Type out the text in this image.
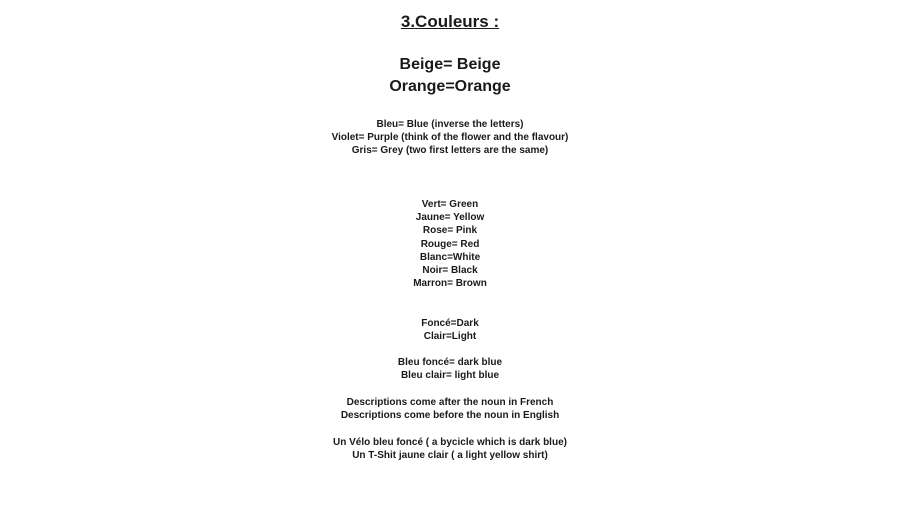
3.Couleurs :
Beige= Beige
Orange=Orange
Bleu= Blue (inverse the letters)
Violet= Purple (think of the flower and the flavour)
Gris= Grey (two first letters are the same)
Vert= Green
Jaune= Yellow
Rose= Pink
Rouge= Red
Blanc=White
Noir= Black
Marron= Brown
Foncé=Dark
Clair=Light
Bleu foncé= dark blue
Bleu clair= light blue
Descriptions come after the noun in French
Descriptions come before the noun in English
Un Vélo bleu foncé ( a bycicle which is dark blue)
Un T-Shit jaune clair ( a light yellow shirt)
